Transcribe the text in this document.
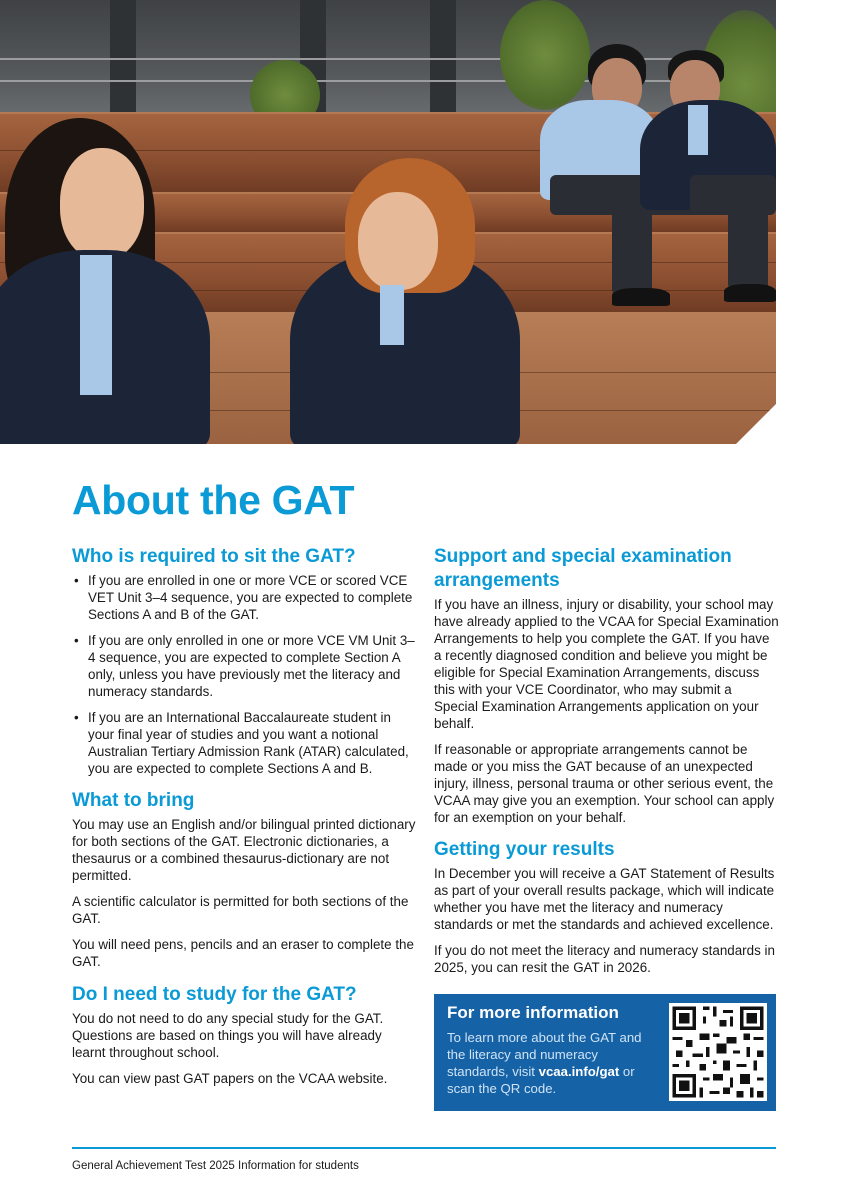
About the GAT
Who is required to sit the GAT?
• If you are enrolled in one or more VCE or scored VCE VET Unit 3–4 sequence, you are expected to complete Sections A and B of the GAT.
• If you are only enrolled in one or more VCE VM Unit 3–4 sequence, you are expected to complete Section A only, unless you have previously met the literacy and numeracy standards.
• If you are an International Baccalaureate student in your final year of studies and you want a notional Australian Tertiary Admission Rank (ATAR) calculated, you are expected to complete Sections A and B.
What to bring

You may use an English and/or bilingual printed dictionary for both sections of the GAT. Electronic dictionaries, a thesaurus or a combined thesaurus-dictionary are not permitted.

A scientific calculator is permitted for both sections of the GAT.

You will need pens, pencils and an eraser to complete the GAT.

Do I need to study for the GAT?

You do not need to do any special study for the GAT. Questions are based on things you will have already learnt throughout school.

You can view past GAT papers on the VCAA website.

Support and special examination arrangements

If you have an illness, injury or disability, your school may have already applied to the VCAA for Special Examination Arrangements to help you complete the GAT. If you have a recently diagnosed condition and believe you might be eligible for Special Examination Arrangements, discuss this with your VCE Coordinator, who may submit a Special Examination Arrangements application on your behalf.

If reasonable or appropriate arrangements cannot be made or you miss the GAT because of an unexpected injury, illness, personal trauma or other serious event, the VCAA may give you an exemption. Your school can apply for an exemption on your behalf.

Getting your results

In December you will receive a GAT Statement of Results as part of your overall results package, which will indicate whether you have met the literacy and numeracy standards or met the standards and achieved excellence.

If you do not meet the literacy and numeracy standards in 2025, you can resit the GAT in 2026.

For more information
To learn more about the GAT and the literacy and numeracy standards, visit vcaa.info/gat or scan the QR code.
General Achievement Test 2025 Information for students
